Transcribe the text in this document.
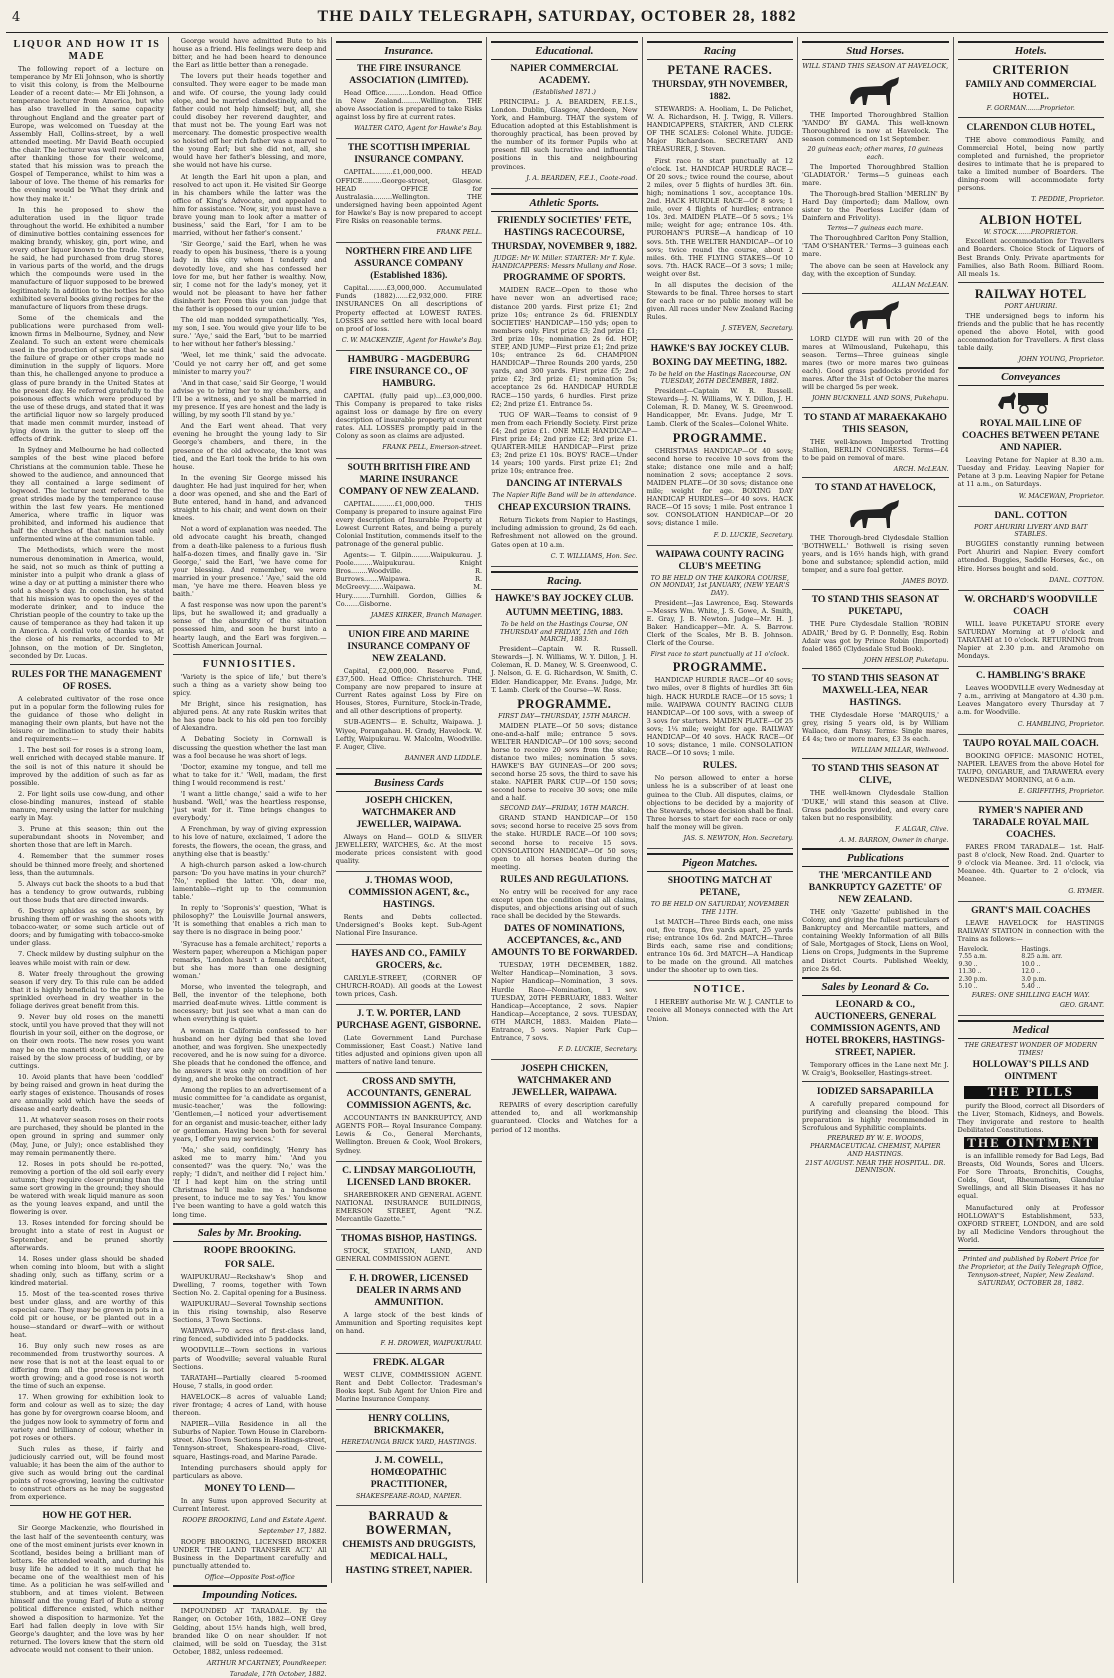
4	THE DAILY TELEGRAPH, SATURDAY, OCTOBER 28, 1882
LIQUOR AND HOW IT IS MADE

The following report of a lecture on temperance by Mr Eli Johnson, who is shortly to visit this colony, is from the Melbourne Leader of a recent date:— Mr Eli Johnson, a temperance lecturer from America, but who has also travelled in the same capacity throughout England and the greater part of Europe, was welcomed on Tuesday at the Assembly Hall, Collins-street, by a well attended meeting. Mr David Beath occupied the chair. The lecturer was well received, and after thanking those for their welcome, stated that his mission was to preach the Gospel of Temperance, whilst to him was a labour of love. The theme of his remarks for the evening would be 'What they drink and how they make it.'

In this he proposed to show the adulteration used in the liquor trade throughout the world. He exhibited a number of diminutive bottles containing essences for making brandy, whiskey, gin, port wine, and every other liquor known to the trade. These, he said, he had purchased from drug stores in various parts of the world, and the drugs which the compounds were used in the manufacture of liquor supposed to be brewed legitimately. In addition to the bottles he also exhibited several books giving recipes for the manufacture of liquors from these drugs.

Some of the chemicals and the publications were purchased from well-known firms in Melbourne, Sydney, and New Zealand. To such an extent were chemicals used in the production of spirits that he said the failure of grape or other crops made no diminution in the supply of liquors. More than this, he challenged anyone to produce a glass of pure brandy in the United States at the present day. He referred gratefully to the poisonous effects which were produced by the use of these drugs, and stated that it was the artificial liquor now so largely produced that made men commit murder, instead of lying down in the gutter to sleep off the effects of drink.

In Sydney and Melbourne he had collected samples of the best wine placed before Christians at the communion table. These he showed to the audience, and announced that they all contained a large sediment of logwood. The lecturer next referred to the great strides made by the temperance cause within the last few years. He mentioned America, where traffic in liquor was prohibited, and informed his audience that half the churches of that nation used only unfermented wine at the communion table.

The Methodists, which were the most numerous denomination in America, would, he said, not so much as think of putting a minister into a pulpit who drank a glass of wine a day or at putting a minister there who sold a sheep's day. In conclusion, he stated that his mission was to open the eyes of the moderate drinker, and to induce the Christian people of the country to take up the cause of temperance as they had taken it up in America. A cordial vote of thanks was, at the close of his remarks, accorded to Mr Johnson, on the motion of Dr. Singleton, seconded by Dr. Lucas.

RULES FOR THE MANAGEMENT OF ROSES.

A celebrated cultivator of the rose once put in a popular form the following rules for the guidance of those who delight in managing their own plants, but have not the leisure or inclination to study their habits and requirements:—

1. The best soil for roses is a strong loam, well enriched with decayed stable manure. If the soil is not of this nature it should be improved by the addition of such as far as possible.

2. For light soils use cow-dung, and other close-binding manures, instead of stable manure, merely using the latter for mulching early in May.

3. Prune at this season; thin out the superabundant shoots in November, and shorten those that are left in March.

4. Remember that the summer roses should be thinned more freely, and shortened less, than the autumnals.

5. Always cut back the shoots to a bud that has a tendency to grow outwards, rubbing out those buds that are directed inwards.

6. Destroy aphides as soon as seen, by brushing them off or washing the shoots with tobacco-water, or some such article out of doors; and by fumigating with tobacco-smoke under glass.

7. Check mildew by dusting sulphur on the leaves while moist with rain or dew.

8. Water freely throughout the growing season if very dry. To this rule can be added that it is highly beneficial to the plants to be sprinkled overhead in dry weather in the foliage derives great benefit from this.

9. Never buy old roses on the manetti stock, until you have proved that they will not flourish in your soil, either on the dogrose, or on their own roots. The new roses you want may be on the manetti stock, or will they are raised by the slow process of budding, or by cuttings.

10. Avoid plants that have been 'coddled' by being raised and grown in heat during the early stages of existence. Thousands of roses are annually sold which have the seeds of disease and early death.

11. At whatever season roses on their roots are purchased, they should be planted in the open ground in spring and summer only (May, June, or July); once established they may remain permanently there.

12. Roses in pots should be re-potted, removing a portion of the old soil early every autumn; they require closer pruning than the same sort growing in the ground; they should be watered with weak liquid manure as soon as the young leaves expand, and until the flowering is over.

13. Roses intended for forcing should be brought into a state of rest in August or September, and be pruned shortly afterwards.

14. Roses under glass should be shaded when coming into bloom, but with a slight shading only, such as tiffany, scrim or a kindred material.

15. Most of the tea-scented roses thrive best under glass, and are worthy of this especial care. They may be grown in pots in a cold pit or house, or be planted out in a house—standard or dwarf—with or without heat.

16. Buy only such new roses as are recommended from trustworthy sources. A new rose that is not at the least equal to or differing from all the predecessors is not worth growing; and a good rose is not worth the time of such an expense.

17. When growing for exhibition look to form and colour as well as to size; the day has gone by for overgrown coarse bloom, and the judges now look to symmetry of form and variety and brilliancy of colour, whether in pot roses or others.

Such rules as these, if fairly and judiciously carried out, will be found most valuable; it has been the aim of the author to give such as would bring out the cardinal points of rose-growing, leaving the cultivator to construct others as he may be suggested from experience.

HOW HE GOT HER.

Sir George Mackenzie, who flourished in the last half of the seventeenth century, was one of the most eminent jurists ever known in Scotland, besides being a brilliant man of letters. He attended wealth, and during his busy life he added to it so much that he became one of the wealthiest men of his time. As a politician he was self-willed and stubborn, and at times violent. Between himself and the young Earl of Bute a strong political difference existed, which neither showed a disposition to harmonize. Yet the Earl had fallen deeply in love with Sir George's daughter, and the love was by her returned. The lovers knew that the stern old advocate would not consent to their union.

George would have admitted Bute to his house as a friend. His feelings were deep and bitter, and he had been heard to denounce the Earl as little better than a renegade.

The lovers put their heads together and consulted. They were eager to be made man and wife. Of course, the young lady could elope, and be married clandestinely, and the father could not help himself; but, all, she could disobey her reverend daughter, and that must not be. The young Earl was not mercenary. The domestic prospective wealth so hoisted off her rich father was a marvel to the young Earl; but she did not, all, she would have her father's blessing, and more, she would not have his curse.

At length the Earl hit upon a plan, and resolved to act upon it. He visited Sir George in his chambers while the latter was the office of King's Advocate, and appealed to him for assistance. 'Now, sir, you must have a brave young man to look after a matter of business,' said the Earl, 'for I am to be married, without her father's consent.'

'Sir George,' said the Earl, when he was ready to open his business, 'there is a young lady in this city whom I tenderly and devotedly love, and she has confessed her love for me, but her father is wealthy. Now, sir, I come not for the lady's money, yet it would not be pleasant to have her father disinherit her. From this you can judge that the father is opposed to our union.'

The old man nodded sympathetically. 'Yes, my son, I see. You would give your life to be sure.' 'Aye,' said the Earl, 'but to be married to her without her father's blessing.'

'Weel, let me think,' said the advocate. 'Could ye not carry her off, and get some minister to marry you?'

'And in that case,' said Sir George, 'I would advise ye to bring her to my chambers, and I'll be a witness, and ye shall be married in my presence. If yes are honest and the lady is willing, by my sooth I'll stand by ye.'

And the Earl went ahead. That very evening he brought the young lady to Sir George's chambers, and there, in the presence of the old advocate, the knot was tied, and the Earl took the bride to his own house.

In the evening Sir George missed his daughter. He had just inquired for her, when a door was opened, and she and the Earl of Bute entered, hand in hand, and advanced straight to his chair, and went down on their knees.

Not a word of explanation was needed. The old advocate caught his breath, changed from a death-like paleness to a furious flush half-a-dozen times, and finally gave in. 'Sir George,' said the Earl, 'we have come for your blessing. And remember, we were married in your presence.' 'Aye,' said the old man, 'ye have me there. Heaven bless ye baith.'

A fast response was now upon the parent's lips, but he swallowed it; and gradually a sense of the absurdity of the situation possessed him, and soon he burst into a hearty laugh, and the Earl was forgiven.—Scottish American Journal.

FUNNIOSITIES.

'Variety is the spice of life,' but there's such a thing as a variety show being too spicy.

Mr Bright, since his resignation, has abjured pens. At any rate Ruskin writes that he has gone back to his old pen too forcibly of Alexandra.

A Debating Society in Cornwall is discussing the question whether the last man was a fool because he was short of legs.

'Doctor, examine my tongue, and tell me what to take for it.' 'Well, madam, the first thing I would recommend is rest.'

'I want a little change,' said a wife to her husband. 'Well,' was the heartless response, 'just wait for it. Time brings changes to everybody.'

A Frenchman, by way of giving expression to his love of nature, exclaimed, 'I adore the forests, the flowers, the ocean, the grass, and anything else that is beastly.'

A high-church parson asked a low-church parson: 'Do you have matins in your church?' 'No,' replied the latter. 'Oh, dear me, lamentable—right up to the communion table.'

In reply to 'Sopronis's' question, 'What is philosophy?' the Louisville Journal answers, 'It is something that enables a rich man to say there is no disgrace in being poor.'

'Syracuse has a female architect,' reports a Western paper, whereupon a Michigan paper remarks, 'London hasn't a female architect, but she has more than one designing woman.'

Morse, who invented the telegraph, and Bell, the inventor of the telephone, both married deaf-mute wives. Little comment is necessary; but just see what a man can do when everything is quiet.

A woman in California confessed to her husband on her dying bed that she loved another, and was forgiven. She unexpectedly recovered, and he is now suing for a divorce. She pleads that he condoned the offence, and he answers it was only on condition of her dying, and she broke the contract.

Among the replies to an advertisement of a music committee for 'a candidate as organist, music-teacher,' was the following: 'Gentlemen,—I noticed your advertisement for an organist and music-teacher, either lady or gentleman. Having been both for several years, I offer you my services.'

'Ma,' she said, confidingly, 'Henry has asked me to marry him.' 'And you consented?' was the query. 'No,' was the reply; 'I didn't, and neither did I reject him.' 'If I had kept him on the string until Christmas he'll make me a handsome present, to induce me to say Yes.' You know I've been wanting to have a gold watch this long time.

Sales by Mr. Brooking.
ROOPE BROOKING.
FOR SALE.

WAIPUKURAU—Reckshaw's Shop and Dwelling, 7 rooms, together with Town Section No. 2. Capital opening for a Business.

WAIPUKURAU—Several Township sections in this rising township, also Reserve Sections, 3 Town Sections.

WAIPAWA—70 acres of first-class land, ring fenced, subdivided into 5 paddocks.

WOODVILLE—Town sections in various parts of Woodville; several valuable Rural Sections.

TARATAHI—Partially cleared 5-roomed House, 7 stalls, in good order.

HAVELOCK—8 acres of valuable Land; river frontage; 4 acres of Land, with house thereon.

NAPIER—Villa Residence in all the Suburbs of Napier. Town House in Clareborn-street. Also Town Sections in Hastings-street, Tennyson-street, Shakespeare-road, Clive-square, Hastings-road, and Marine Parade.

Intending purchasers should apply for particulars as above.

MONEY TO LEND—

In any Sums upon approved Security at Current Interest.

ROOPE BROOKING, Land and Estate Agent.
September 17, 1882.

ROOPE BROOKING, LICENSED BROKER UNDER 'THE LAND TRANSFER ACT.' All Business in the Department carefully and punctually attended to.

Office—Opposite Post-office
Impounding Notices.

IMPOUNDED AT TARADALE. By the Ranger, on October 16th, 1882—ONE Grey Gelding, about 15½ hands high, well bred, branded like O on near shoulder. If not claimed, will be sold on Tuesday, the 31st October, 1882, unless redeemed.

ARTHUR M'CARTNEY, Poundkeeper.
Taradale, 17th October, 1882.
Insurance.
THE FIRE INSURANCE ASSOCIATION (LIMITED).

Head Office...........London. Head Office in New Zealand.........Wellington. THE above Association is prepared to take Risks against loss by fire at current rates.

WALTER CATO, Agent for Hawke's Bay.
THE SCOTTISH IMPERIAL INSURANCE COMPANY.

CAPITAL.........£1,000,000. HEAD OFFICE.........George-street, Glasgow. HEAD OFFICE for Australasia.........Wellington. THE undersigned having been appointed Agent for Hawke's Bay is now prepared to accept Fire Risks on reasonable terms.

FRANK PELL.
NORTHERN FIRE AND LIFE ASSURANCE COMPANY (Established 1836).

Capital.........£3,000,000. Accumulated Funds (1882)......£2,932,000. FIRE INSURANCES On all descriptions of Property effected at LOWEST RATES. LOSSES are settled here with local board on proof of loss.

C. W. MACKENZIE, Agent for Hawke's Bay.
HAMBURG - MAGDEBURG FIRE INSURANCE CO., OF HAMBURG.

CAPITAL (fully paid up)...£3,000,000. This Company is prepared to take risks against loss or damage by fire on every description of insurable property at current rates. ALL LOSSES promptly paid in the Colony as soon as claims are adjusted.

FRANK PELL, Emerson-street.
SOUTH BRITISH FIRE AND MARINE INSURANCE COMPANY OF NEW ZEALAND.

CAPITAL..........£1,000,000. THIS Company is prepared to insure against Fire every description of Insurable Property at Lowest Current Rates, and being a purely Colonial Institution, commends itself to the patronage of the general public.

Agents:— T. Gilpin.........Waipukurau. J. Poole.........Waipukurau. Knight Bros........Woodville. R. Burrows.......Waipawa. R. McGreevy.......Waipawa. M. Hury.........Turnhill. Gordon, Gillies & Co.......Gisborne.

JAMES KIRKER, Branch Manager.
UNION FIRE AND MARINE INSURANCE COMPANY OF NEW ZEALAND.

Capital, £2,000,000. Reserve Fund, £37,500. Head Office: Christchurch. THE Company are now prepared to insure at Current Rates against Loss by Fire on Houses, Stores, Furniture, Stock-in-Trade, and all other descriptions of property.

SUB-AGENTS— E. Schultz, Waipawa. J. Wiyee, Porangahau. H. Grady, Havelock. W. Leftly, Waipukurau. W. Malcolm, Woodville. F. Auger, Clive.

BANNER AND LIDDLE.
Business Cards
JOSEPH CHICKEN, WATCHMAKER AND JEWELLER, WAIPAWA.

Always on Hand— GOLD & SILVER JEWELLERY, WATCHES, &c. At the most moderate prices consistent with good quality.

J. THOMAS WOOD, COMMISSION AGENT, &c., HASTINGS.

Rents and Debts collected. Undersigned's Books kept. Sub-Agent National Fire Insurance.

HAYES AND CO., FAMILY GROCERS, &c.

CARLYLE-STREET, (CORNER OF CHURCH-ROAD). All goods at the Lowest town prices, Cash.

J. T. W. PORTER, LAND PURCHASE AGENT, GISBORNE.

(Late Government Land Purchase Commissioner, East Coast.) Native land titles adjusted and opinions given upon all matters of native land tenure.

CROSS AND SMYTH, ACCOUNTANTS, GENERAL COMMISSION AGENTS, &c.

ACCOUNTANTS IN BANKRUPTCY, AND AGENTS FOR— Royal Insurance Company. Lewis & Co., General Merchants, Wellington. Breuen & Cook, Wool Brokers, Sydney.

C. LINDSAY MARGOLIOUTH, LICENSED LAND BROKER.

SHAREBROKER AND GENERAL AGENT. NATIONAL INSURANCE BUILDINGS, EMERSON STREET, Agent "N.Z. Mercantile Gazette."

THOMAS BISHOP, HASTINGS.

STOCK, STATION, LAND, AND GENERAL COMMISSION AGENT.

F. H. DROWER, LICENSED DEALER IN ARMS AND AMMUNITION.

A large stock of the best kinds of Ammunition and Sporting requisites kept on hand.

F. H. DROWER, WAIPUKURAU.
FREDK. ALGAR

WEST CLIVE, COMMISSION AGENT. Rent and Debt Collector. Tradesman's Books kept. Sub Agent for Union Fire and Marine Insurance Company.

HENRY COLLINS, BRICKMAKER,
HERETAUNGA BRICK YARD, HASTINGS.
J. M. COWELL, HOMŒOPATHIC PRACTITIONER,
SHAKESPEARE-ROAD, NAPIER.
BARRAUD & BOWERMAN,
CHEMISTS AND DRUGGISTS, MEDICAL HALL,
HASTING STREET, NAPIER.
Educational.
NAPIER COMMERCIAL ACADEMY.
(Established 1871.)

PRINCIPAL: J. A. BEARDEN, F.E.I.S., London. Dublin, Glasgow, Aberdeen, New York, and Hamburg. THAT the system of Education adopted at this Establishment is thoroughly practical, has been proved by the number of its former Pupils who at present fill such lucrative and influential positions in this and neighbouring provinces.

J. A. BEARDEN, F.E.I., Coote-road.
Athletic Sports.
FRIENDLY SOCIETIES' FETE, HASTINGS RACECOURSE,
THURSDAY, NOVEMBER 9, 1882.
JUDGE: Mr W. Miller. STARTER: Mr T. Kyle. HANDICAPPERS: Messrs Mullany and Rose.
PROGRAMME OF SPORTS.

MAIDEN RACE—Open to those who have never won an advertised race; distance 200 yards. First prize £1; 2nd prize 10s; entrance 2s 6d. FRIENDLY SOCIETIES' HANDICAP—150 yds; open to members only. First prize £3; 2nd prize £1; 3rd prize 10s; nomination 2s 6d. HOP, STEP, AND JUMP—First prize £1; 2nd prize 10s; entrance 2s 6d. CHAMPION HANDICAP—Three Rounds 200 yards, 250 yards, and 300 yards. First prize £5; 2nd prize £2; 3rd prize £1; nomination 5s; acceptance 2s 6d. HANDICAP HURDLE RACE—150 yards, 6 hurdles. First prize £2; 2nd prize £1. Entrance 5s.

TUG OF WAR—Teams to consist of 9 men from each Friendly Society. First prize £4; 2nd prize £1. ONE MILE HANDICAP—First prize £4; 2nd prize £2; 3rd prize £1. QUARTER-MILE HANDICAP—First prize £3; 2nd prize £1 10s. BOYS' RACE—Under 14 years; 100 yards. First prize £1; 2nd prize 10s; entrance free.

DANCING AT INTERVALS
The Napier Rifle Band will be in attendance.
CHEAP EXCURSION TRAINS.

Return Tickets from Napier to Hastings, including admission to ground, 2s 6d each. Refreshment not allowed on the ground. Gates open at 10 a.m.

C. T. WILLIAMS, Hon. Sec.
Racing.
HAWKE'S BAY JOCKEY CLUB.
AUTUMN MEETING, 1883.
To be held on the Hastings Course, ON THURSDAY and FRIDAY, 15th and 16th MARCH, 1883.

President—Captain W. R. Russell. Stewards—J. N. Williams, W. Y. Dillon, J. H. Coleman, R. D. Maney, W. S. Greenwood, C. J. Nelson, G. E. G. Richardson, W. Smith, C. Elder. Handicapper, Mr. Evans. Judge, Mr. T. Lamb. Clerk of the Course—W. Ross.

PROGRAMME.
FIRST DAY—THURSDAY, 15TH MARCH.

MAIDEN PLATE—Of 50 sovs; distance one-and-a-half mile; entrance 5 sovs. WELTER HANDICAP—Of 100 sovs; second horse to receive 20 sovs from the stake; distance two miles; nomination 5 sovs. HAWKE'S BAY GUINEAS—Of 200 sovs; second horse 25 sovs, the third to save his stake. NAPIER PARK CUP—Of 150 sovs; second horse to receive 30 sovs; one mile and a half.

SECOND DAY—FRIDAY, 16TH MARCH.

GRAND STAND HANDICAP—Of 150 sovs; second horse to receive 25 sovs from the stake. HURDLE RACE—Of 100 sovs; second horse to receive 15 sovs. CONSOLATION HANDICAP—Of 50 sovs; open to all horses beaten during the meeting.

RULES AND REGULATIONS.

No entry will be received for any race except upon the condition that all claims, disputes, and objections arising out of such race shall be decided by the Stewards.

DATES OF NOMINATIONS, ACCEPTANCES, &c., AND AMOUNTS TO BE FORWARDED.

TUESDAY, 19TH DECEMBER, 1882. Welter Handicap—Nomination, 3 sovs. Napier Handicap—Nomination, 3 sovs. Hurdle Race—Nomination, 1 sov. TUESDAY, 20TH FEBRUARY, 1883. Welter Handicap—Acceptance, 2 sovs. Napier Handicap—Acceptance, 2 sovs. TUESDAY, 6TH MARCH, 1883. Maiden Plate—Entrance, 5 sovs. Napier Park Cup—Entrance, 7 sovs.

F. D. LUCKIE, Secretary.
JOSEPH CHICKEN, WATCHMAKER AND JEWELLER, WAIPAWA.

REPAIRS of every description carefully attended to, and all workmanship guaranteed. Clocks and Watches for a period of 12 months.

Racing
PETANE RACES.
THURSDAY, 9TH NOVEMBER, 1882.

STEWARDS: A. Hooliam, L. De Pelichet, W. A. Richardson, H. J. Twigg, R. Villers. HANDICAPPERS, STARTER, AND CLERK OF THE SCALES: Colonel White. JUDGE: Major Richardson. SECRETARY AND TREASURER, J. Steven.

First race to start punctually at 12 o'clock. 1st. HANDICAP HURDLE RACE—Of 20 sovs.; twice round the course, about 2 miles, over 5 flights of hurdles 3ft. 6in. high; nominations 1 sov., acceptance 10s. 2nd. HACK HURDLE RACE—Of 8 sovs; 1 mile, over 4 flights of hurdles; entrance 10s. 3rd. MAIDEN PLATE—Of 5 sovs.; 1¼ mile; weight for age; entrance 10s. 4th. PUROHAN'S PURSE—A handicap of 10 sovs. 5th. THE WELTER HANDICAP—Of 10 sovs; twice round the course, about 2 miles. 6th. THE FLYING STAKES—Of 10 sovs. 7th. HACK RACE—Of 3 sovs; 1 mile; weight over 8st.

In all disputes the decision of the Stewards to be final. Three horses to start for each race or no public money will be given. All races under New Zealand Racing Rules.

J. STEVEN, Secretary.
HAWKE'S BAY JOCKEY CLUB.
BOXING DAY MEETING, 1882.
To be held on the Hastings Racecourse, ON TUESDAY, 26TH DECEMBER, 1882.

President—Captain W. R. Russell. Stewards—J. N. Williams, W. Y. Dillon, J. H. Coleman, R. D. Maney, W. S. Greenwood. Handicapper, Mr. Evans. Judge, Mr T. Lamb. Clerk of the Scales—Colonel White.

PROGRAMME.

CHRISTMAS HANDICAP—Of 40 sovs; second horse to receive 10 sovs from the stake; distance one mile and a half; nomination 2 sovs; acceptance 2 sovs. MAIDEN PLATE—Of 30 sovs; distance one mile; weight for age. BOXING DAY HANDICAP HURDLES—Of 40 sovs. HACK RACE—Of 15 sovs; 1 mile. Post entrance 1 sov. CONSOLATION HANDICAP—Of 20 sovs; distance 1 mile.

F. D. LUCKIE, Secretary.
WAIPAWA COUNTY RACING CLUB'S MEETING
TO BE HELD ON THE KAIKORA COURSE, ON MONDAY, 1st JANUARY, (NEW YEAR'S DAY).

President—Jas Lawrence, Esq. Stewards—Messrs Wm. White, J. S. Gowe, A. Smith, E. Gray, J. B. Newton. Judge—Mr. H. J. Baker. Handicapper—Mr. A. S. Barrow. Clerk of the Scales, Mr B. B. Johnson. Clerk of the Course.

First race to start punctually at 11 o'clock.
PROGRAMME.

HANDICAP HURDLE RACE—Of 40 sovs; two miles, over 8 flights of hurdles 3ft 6in high. HACK HURDLE RACE—Of 15 sovs; 1 mile. WAIPAWA COUNTY RACING CLUB HANDICAP—Of 100 sovs, with a sweep of 3 sovs for starters. MAIDEN PLATE—Of 25 sovs; 1¼ mile; weight for age. RAILWAY HANDICAP—Of 40 sovs. HACK RACE—Of 10 sovs; distance, 1 mile. CONSOLATION RACE—Of 10 sovs; 1 mile.

RULES.

No person allowed to enter a horse unless he is a subscriber of at least one guinea to the Club. All disputes, claims, or objections to be decided by a majority of the Stewards, whose decision shall be final. Three horses to start for each race or only half the money will be given.

JAS. S. NEWTON, Hon. Secretary.
Pigeon Matches.
SHOOTING MATCH AT PETANE,
TO BE HELD ON SATURDAY, NOVEMBER THE 11TH.

1st MATCH—Three Birds each, one miss out, five traps, five yards apart, 25 yards rise; entrance 10s 6d. 2nd MATCH—Three Birds each, same rise and conditions; entrance 10s 6d. 3rd MATCH—A Handicap to be made on the ground. All matches under the shooter up to own ties.

NOTICE.

I HEREBY authorise Mr. W. J. CANTLE to receive all Moneys connected with the Art Union.

Stud Horses.
WILL STAND THIS SEASON AT HAVELOCK,

THE Imported Thoroughbred Stallion 'YANDO' BY GAMA. This well-known Thoroughbred is now at Havelock. The season commenced on 1st September.

20 guineas each; other mares, 10 guineas each.

The Imported Thoroughbred Stallion 'GLADIATOR.' Terms—5 guineas each mare.

The Thorough-bred Stallion 'MERLIN' By Hard Day (imported); dam Mallow, own sister to the Peerless Lucifer (dam of Dainfern and Frivolity).

Terms—7 guineas each mare.

The Thoroughbred Carlton Pony Stallion, 'TAM O'SHANTER.' Terms—3 guineas each mare.

The above can be seen at Havelock any day, with the exception of Sunday.

ALLAN McLEAN.

LORD CLYDE will run with 20 of the mares at Wilmousland, Pukehapu, this season. Terms—Three guineas single mares (two or more mares two guineas each). Good grass paddocks provided for mares. After the 31st of October the mares will be charged 5s per week.

JOHN BUCKNELL AND SONS, Pukehapu.
TO STAND AT MARAEKAKAHO THIS SEASON,

THE well-known Imported Trotting Stallion, BERLIN CONGRESS. Terms—£4 to be paid on removal of mare.

ARCH. McLEAN.
TO STAND AT HAVELOCK,

THE Thorough-bred Clydesdale Stallion 'BOTHWELL.' Bothwell is rising seven years, and is 16½ hands high, with grand bone and substance; splendid action, mild temper, and a sure foal getter.

JAMES BOYD.
TO STAND THIS SEASON AT PUKETAPU,

THE Pure Clydesdale Stallion 'ROBIN ADAIR,' Bred by G. P. Donnelly, Esq. Robin Adair was got by Prince Robin (Imported) foaled 1865 (Clydesdale Stud Book).

JOHN HESLOP, Puketapu.
TO STAND THIS SEASON AT MAXWELL-LEA, NEAR HASTINGS.

THE Clydesdale Horse 'MARQUIS,' a grey, rising 5 years old, is by William Wallace, dam Pansy. Terms: Single mares, £4 4s; two or more mares, £3 3s each.

WILLIAM MILLAR, Wellwood.
TO STAND THIS SEASON AT CLIVE,

THE well-known Clydesdale Stallion 'DUKE,' will stand this season at Clive. Grass paddocks provided, and every care taken but no responsibility.

F. ALGAR, Clive.
A. M. BARRON, Owner in charge.
Publications
THE 'MERCANTILE AND BANKRUPTCY GAZETTE' OF NEW ZEALAND.

THE only 'Gazette' published in the Colony, and giving the fullest particulars of Bankruptcy and Mercantile matters, and containing Weekly Information of all Bills of Sale, Mortgages of Stock, Liens on Wool, Liens on Crops, Judgments in the Supreme and District Courts. Published Weekly, price 2s 6d.

Sales by Leonard & Co.
LEONARD & CO., AUCTIONEERS, GENERAL COMMISSION AGENTS, AND HOTEL BROKERS, HASTINGS-STREET, NAPIER.

Temporary offices in the Lane next Mr. J. W. Craig's, Bookseller, Hastings-street.

IODIZED SARSAPARILLA

A carefully prepared compound for purifying and cleansing the blood. This preparation is highly recommended in Scrofulous and Syphilitic complaints.

PREPARED BY W. E. WOODS, PHARMACEUTICAL CHEMIST, NAPIER AND HASTINGS.
21ST AUGUST. NEAR THE HOSPITAL. DR. DENNISON.
Hotels.
CRITERION
FAMILY AND COMMERCIAL HOTEL.
F. GORMAN.......Proprietor.
CLARENDON CLUB HOTEL,

THE above commodious Family, and Commercial Hotel, being now partly completed and furnished, the proprietor desires to intimate that he is prepared to take a limited number of Boarders. The dining-room will accommodate forty persons.

T. PEDDIE, Proprietor.
ALBION HOTEL
W. STOCK.......PROPRIETOR.

Excellent accommodation for Travellers and Boarders. Choice Stock of Liquors of Best Brands Only. Private apartments for Families, also Bath Room. Billiard Room. All meals 1s.

RAILWAY HOTEL
PORT AHURIRI.

THE undersigned begs to inform his friends and the public that he has recently opened the above Hotel, with good accommodation for Travellers. A first class table daily.

JOHN YOUNG, Proprietor.
Conveyances
ROYAL MAIL LINE OF COACHES BETWEEN PETANE AND NAPIER.

Leaving Petane for Napier at 8.30 a.m. Tuesday and Friday. Leaving Napier for Petane at 3 p.m. Leaving Napier for Petane at 11 a.m., on Saturdays.

W. MACEWAN, Proprietor.
DANL. COTTON
PORT AHURIRI LIVERY AND BAIT STABLES.

BUGGIES constantly running between Port Ahuriri and Napier. Every comfort attended. Buggies, Saddle Horses, &c., on Hire. Horses bought and sold.

DANL. COTTON.
W. ORCHARD'S WOODVILLE COACH

WILL leave PUKETAPU STORE every SATURDAY Morning at 9 o'clock and TARATAHI at 10 o'clock. RETURNING from Napier at 2.30 p.m. and Aramoho on Mondays.

C. HAMBLING'S BRAKE

Leaves WOODVILLE every Wednesday at 7 a.m., arriving at Mangatoro at 4.30 p.m. Leaves Mangatoro every Thursday at 7 a.m. for Woodville.

C. HAMBLING, Proprietor.
TAUPO ROYAL MAIL COACH.

BOOKING OFFICE: MASONIC HOTEL, NAPIER. LEAVES from the above Hotel for TAUPO, ONGARUE, and TARAWERA every WEDNESDAY MORNING, at 6 a.m.

E. GRIFFITHS, Proprietor.
RYMER'S NAPIER AND TARADALE ROYAL MAIL COACHES.

FARES FROM TARADALE— 1st. Half-past 8 o'clock, New Road. 2nd. Quarter to 9 o'clock via Meanee. 3rd. 11 o'clock, via Meanee. 4th. Quarter to 2 o'clock, via Meanee.

G. RYMER.
GRANT'S MAIL COACHES

LEAVE HAVELOCK for HASTINGS RAILWAY STATION in connection with the Trains as follows:—

Havelock.	Hastings.
7.55 a.m.	8.25 a.m. arr.
9.30 ..	10.0 ..
11.30 ..	12.0 ..
2.30 p.m.	3.0 p.m.
5.10 ..	5.40 ..
FARES: ONE SHILLING EACH WAY.
GEO. GRANT.
Medical
THE GREATEST WONDER OF MODERN TIMES!
HOLLOWAY'S PILLS AND OINTMENT
THE PILLS

purify the Blood, correct all Disorders of the Liver, Stomach, Kidneys, and Bowels. They invigorate and restore to health Debilitated Constitutions.

THE OINTMENT

is an infallible remedy for Bad Legs, Bad Breasts, Old Wounds, Sores and Ulcers. For Sore Throats, Bronchitis, Coughs, Colds, Gout, Rheumatism, Glandular Swellings, and all Skin Diseases it has no equal.

Manufactured only at Professor HOLLOWAY'S Establishment, 533, OXFORD STREET, LONDON, and are sold by all Medicine Vendors throughout the World.

Printed and published by Robert Price for the Proprietor, at the Daily Telegraph Office, Tennyson-street, Napier, New Zealand.
SATURDAY, OCTOBER 28, 1882.
